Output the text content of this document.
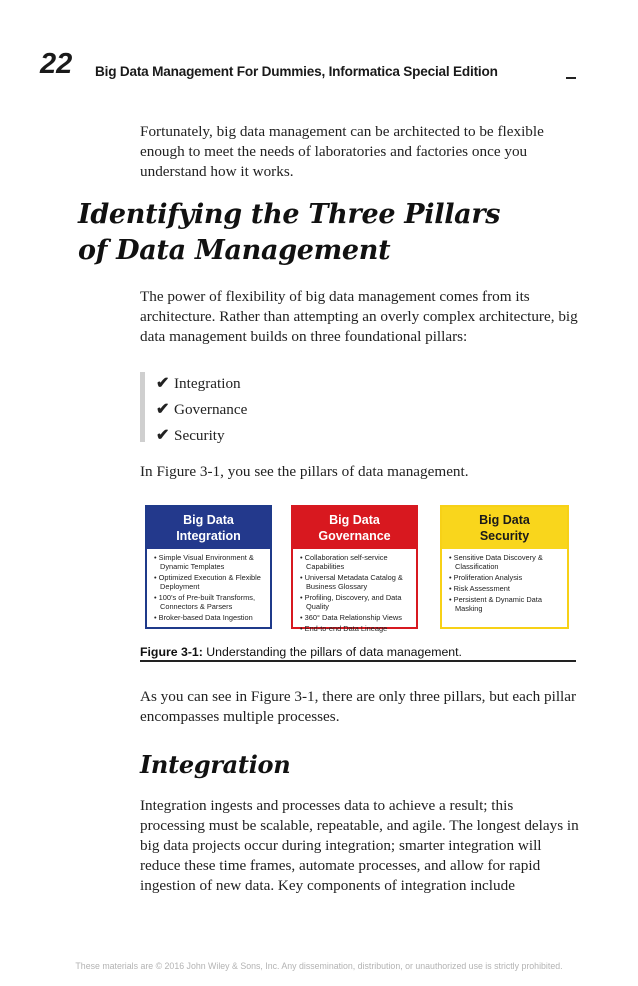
22 Big Data Management For Dummies, Informatica Special Edition
Fortunately, big data management can be architected to be flexible enough to meet the needs of laboratories and factories once you understand how it works.
Identifying the Three Pillars
of Data Management
The power of flexibility of big data management comes from its architecture. Rather than attempting an overly complex architecture, big data management builds on three foundational pillars:
✔ Integration
✔ Governance
✔ Security
In Figure 3-1, you see the pillars of data management.
Big Data
Integration
• Simple Visual Environment & Dynamic Templates
• Optimized Execution & Flexible Deployment
• 100’s of Pre-built Transforms, Connectors & Parsers
• Broker-based Data Ingestion
Big Data
Governance
• Collaboration self-service Capabilities
• Universal Metadata Catalog & Business Glossary
• Profiling, Discovery, and Data Quality
• 360° Data Relationship Views
• End-to-end Data Lineage
Big Data
Security
• Sensitive Data Discovery & Classification
• Proliferation Analysis
• Risk Assessment
• Persistent & Dynamic Data Masking
Figure 3-1: Understanding the pillars of data management.
As you can see in Figure 3-1, there are only three pillars, but each pillar encompasses multiple processes.
Integration
Integration ingests and processes data to achieve a result; this processing must be scalable, repeatable, and agile. The longest delays in big data projects occur during integration; smarter integration will reduce these time frames, automate processes, and allow for rapid ingestion of new data. Key components of integration include
These materials are © 2016 John Wiley & Sons, Inc. Any dissemination, distribution, or unauthorized use is strictly prohibited.
